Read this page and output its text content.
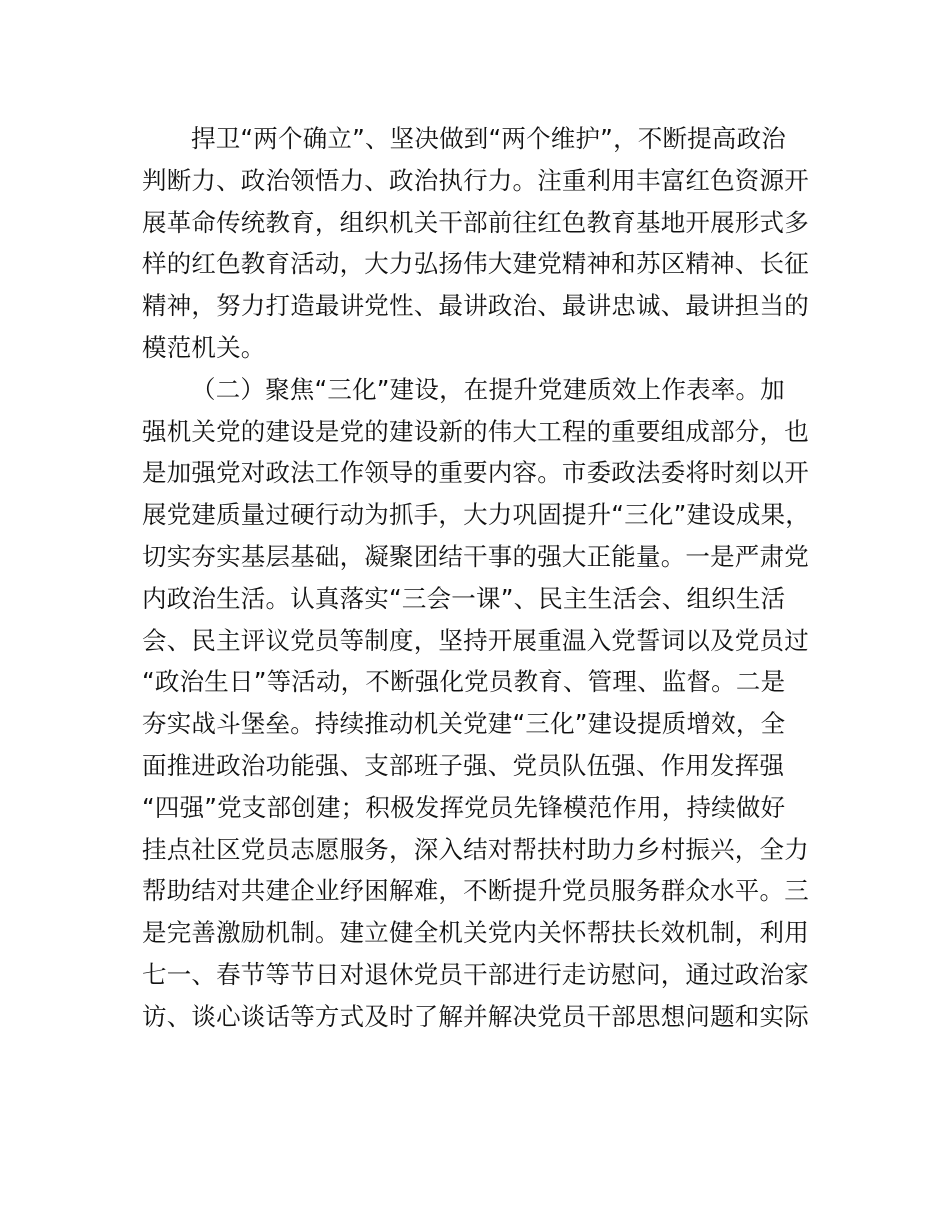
捍卫“两个确立”、坚决做到“两个维护”，不断提高政治
判断力、政治领悟力、政治执行力。注重利用丰富红色资源开
展革命传统教育，组织机关干部前往红色教育基地开展形式多
样的红色教育活动，大力弘扬伟大建党精神和苏区精神、长征
精神，努力打造最讲党性、最讲政治、最讲忠诚、最讲担当的
模范机关。
（二）聚焦“三化”建设，在提升党建质效上作表率。加
强机关党的建设是党的建设新的伟大工程的重要组成部分，也
是加强党对政法工作领导的重要内容。市委政法委将时刻以开
展党建质量过硬行动为抓手，大力巩固提升“三化”建设成果，
切实夯实基层基础，凝聚团结干事的强大正能量。一是严肃党
内政治生活。认真落实“三会一课”、民主生活会、组织生活
会、民主评议党员等制度，坚持开展重温入党誓词以及党员过
“政治生日”等活动，不断强化党员教育、管理、监督。二是
夯实战斗堡垒。持续推动机关党建“三化”建设提质增效，全
面推进政治功能强、支部班子强、党员队伍强、作用发挥强
“四强”党支部创建；积极发挥党员先锋模范作用，持续做好
挂点社区党员志愿服务，深入结对帮扶村助力乡村振兴，全力
帮助结对共建企业纾困解难，不断提升党员服务群众水平。三
是完善激励机制。建立健全机关党内关怀帮扶长效机制，利用
七一、春节等节日对退休党员干部进行走访慰问，通过政治家
访、谈心谈话等方式及时了解并解决党员干部思想问题和实际
